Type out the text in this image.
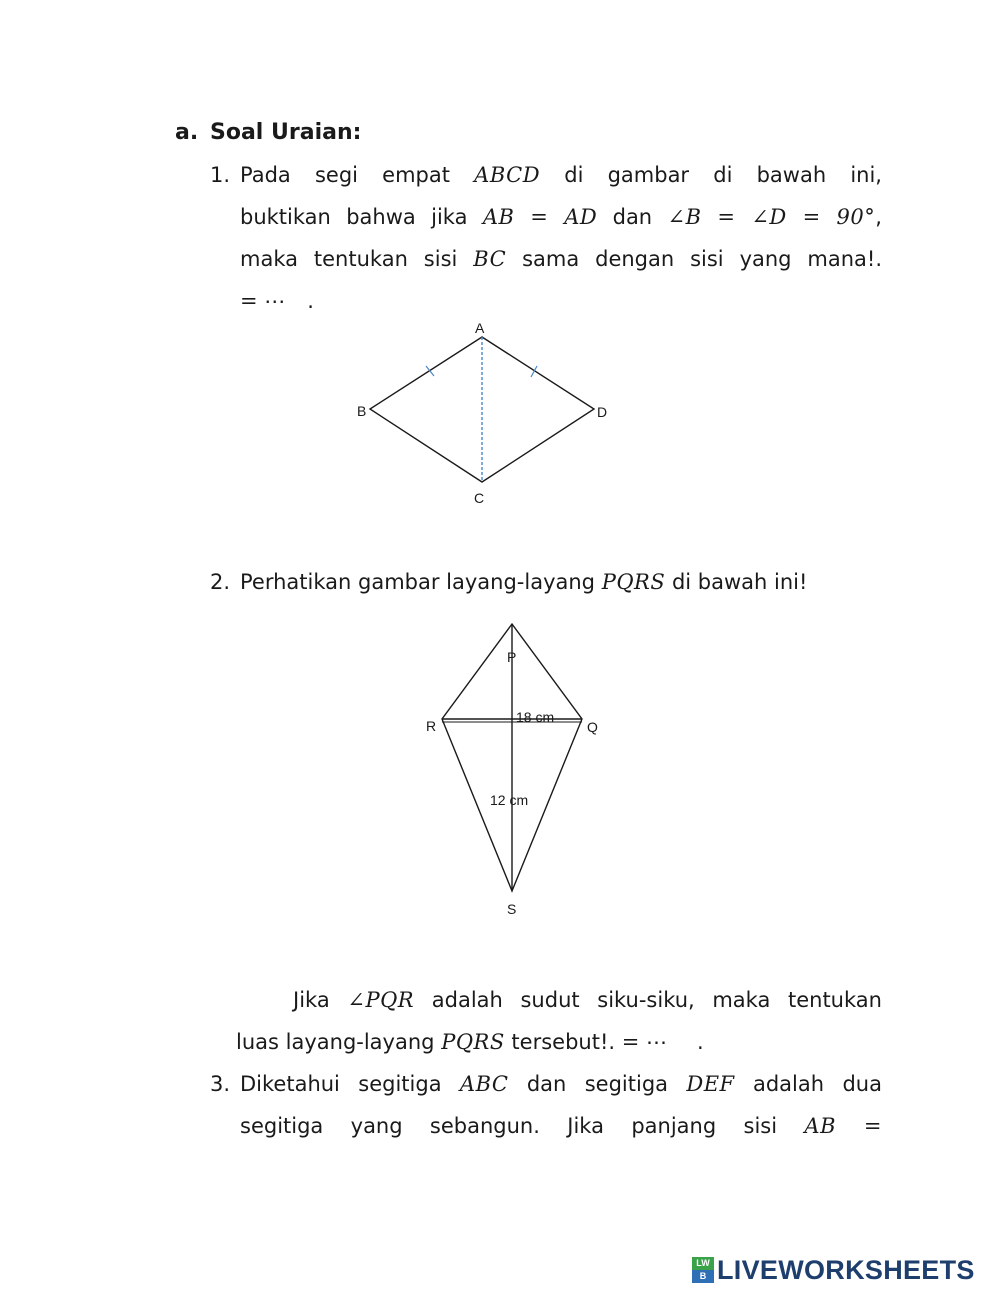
a. Soal Uraian:
1. Pada segi empat ABCD di gambar di bawah ini,
buktikan bahwa jika AB = AD dan ∠B = ∠D = 90°,
maka tentukan sisi BC sama dengan sisi yang mana!.
= ⋯ .
A
B
C
D
2. Perhatikan gambar layang-layang PQRS di bawah ini!
P
Q
R
S
18 cm
12 cm
Jika ∠PQR adalah sudut siku-siku, maka tentukan
luas layang-layang PQRS tersebut!. = ⋯ .
3. Diketahui segitiga ABC dan segitiga DEF adalah dua
segitiga yang sebangun. Jika panjang sisi AB =
LW
B LIVEWORKSHEETS
